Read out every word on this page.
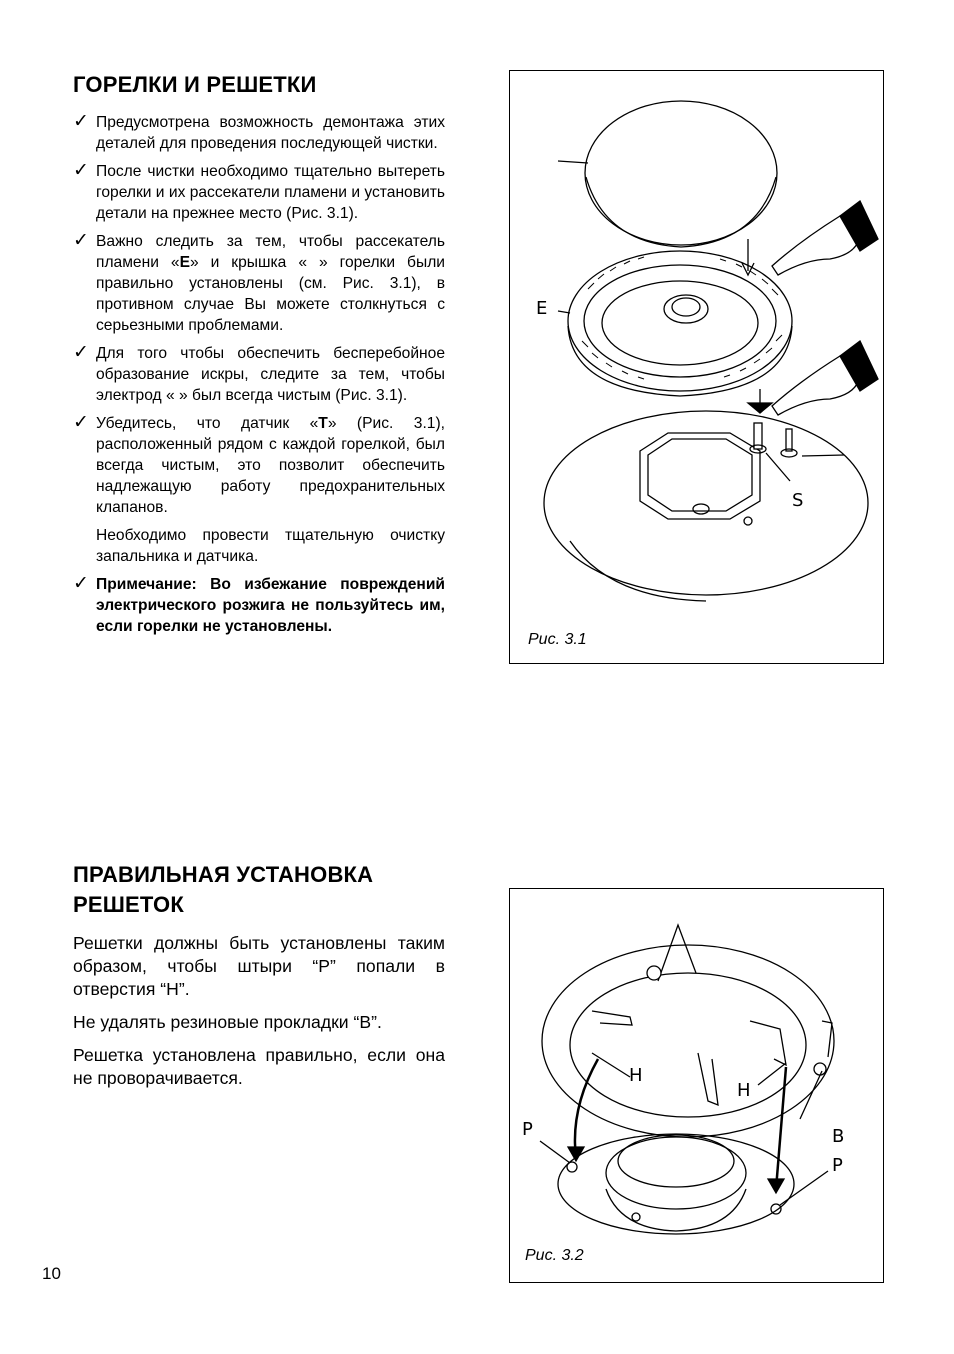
ГОРЕЛКИ И РЕШЕТКИ
✓ Предусмотрена возможность демонтажа этих деталей для проведения последующей чистки.
✓ После чистки необходимо тщательно вытереть горелки и их рассекатели пламени и установить детали на прежнее место (Рис. 3.1).
✓ Важно следить за тем, чтобы рассекатель пламени «E» и крышка « » горелки были правильно установлены (см. Рис. 3.1), в противном случае Вы можете столкнуться с серьезными проблемами.
✓ Для того чтобы обеспечить бесперебойное образование искры, следите за тем, чтобы электрод « » был всегда чистым (Рис. 3.1).
✓ Убедитесь, что датчик «T» (Рис. 3.1), расположенный рядом с каждой горелкой, был всегда чистым, это позволит обеспечить надлежащую работу предохранительных клапанов.
Необходимо провести тщательную очистку запальника и датчика.
✓ Примечание: Во избежание повреждений электрического розжига не пользуйтесь им, если горелки не установлены.
ПРАВИЛЬНАЯ УСТАНОВКА РЕШЕТОК

Решетки должны быть установлены таким образом, чтобы штыри “P” попали в отверстия “H”.

Не удалять резиновые прокладки “B”.

Решетка установлена правильно, если она не проворачивается.

E
S
Рис. 3.1
H
H
P	B
P
Рис. 3.2
10
